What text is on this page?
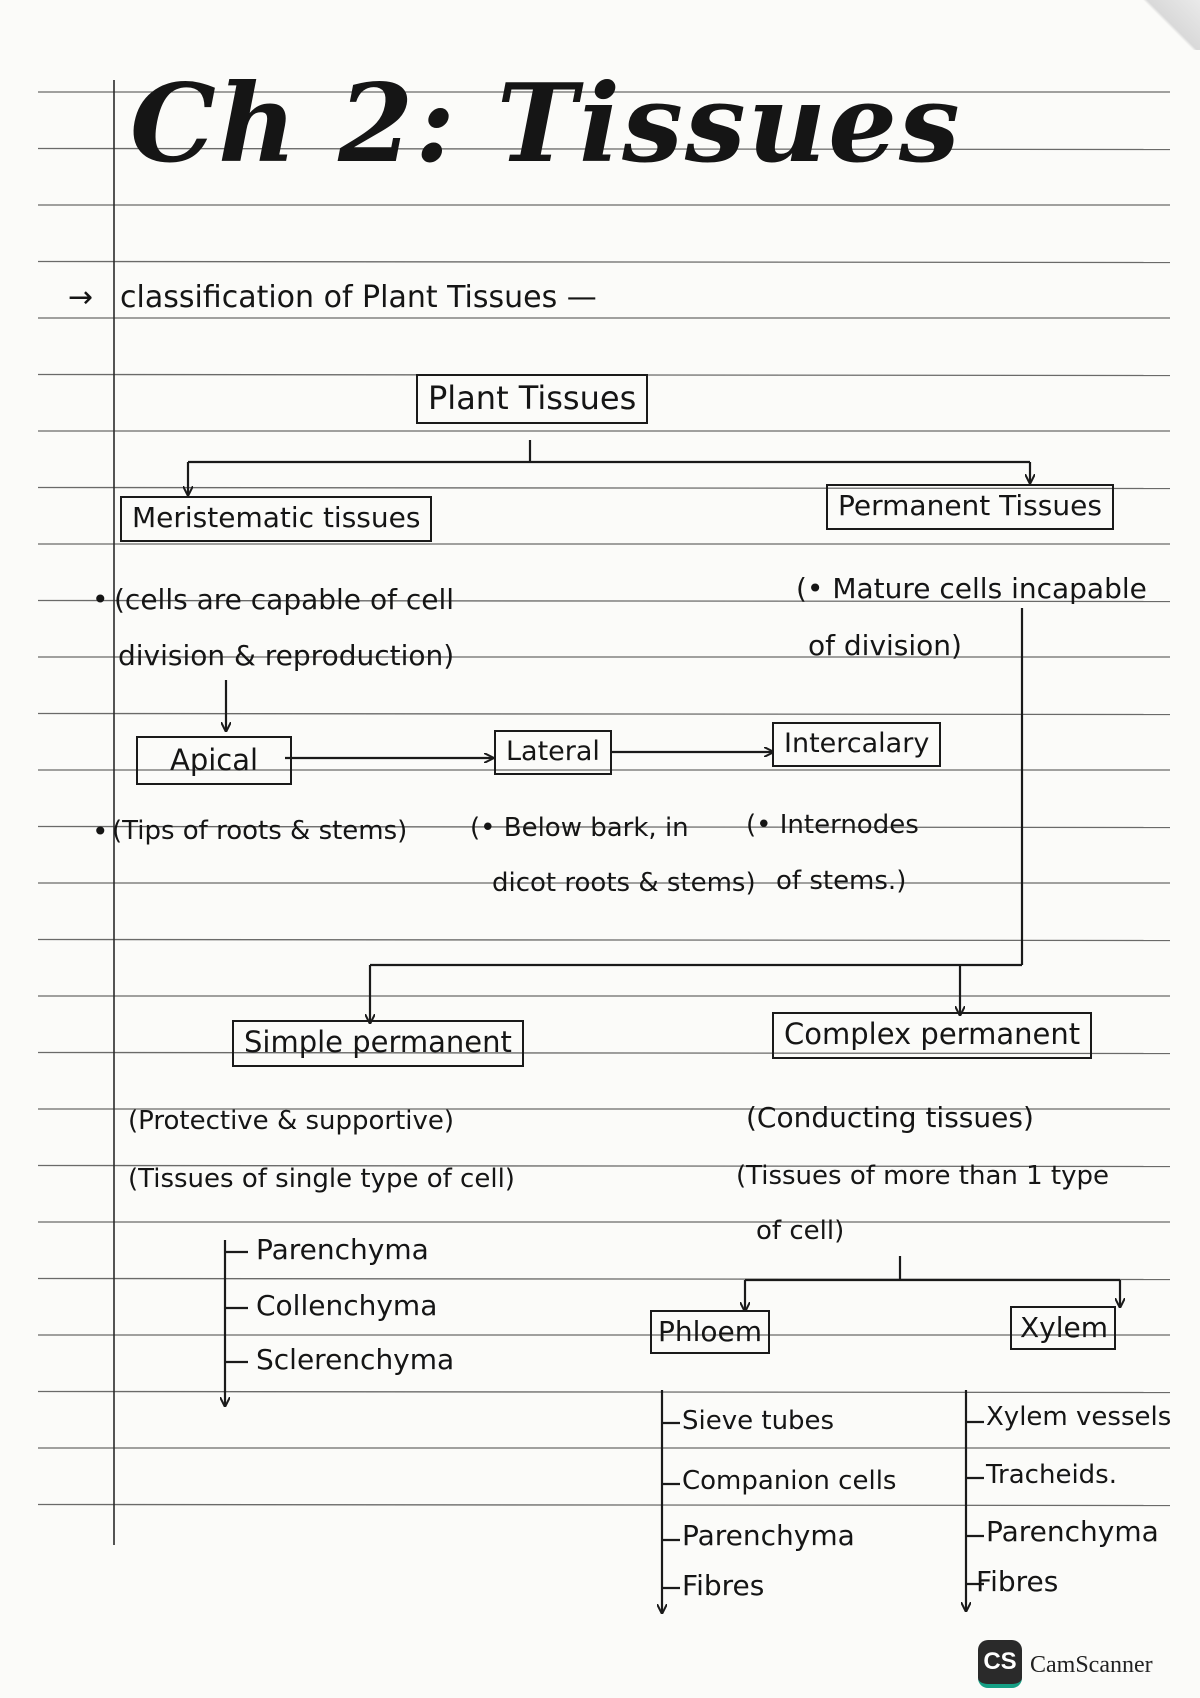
Ch 2: Tissues
→ classification of Plant Tissues —
Plant Tissues
Meristematic tissues	Permanent Tissues
• (cells are capable of cell
division & reproduction)
(• Mature cells incapable
of division)
Apical	Lateral	Intercalary
• (Tips of roots & stems) (• Below bark, in
dicot roots & stems)
(• Internodes
of stems.)
Simple permanent	Complex permanent
(Protective & supportive)
(Tissues of single type of cell)
(Conducting tissues)
(Tissues of more than 1 type
of cell)
Parenchyma
Collenchyma
Sclerenchyma
Phloem	Xylem
Sieve tubes
Companion cells
Parenchyma
Fibres
Xylem vessels
Tracheids.
Parenchyma
Fibres
CS CamScanner
